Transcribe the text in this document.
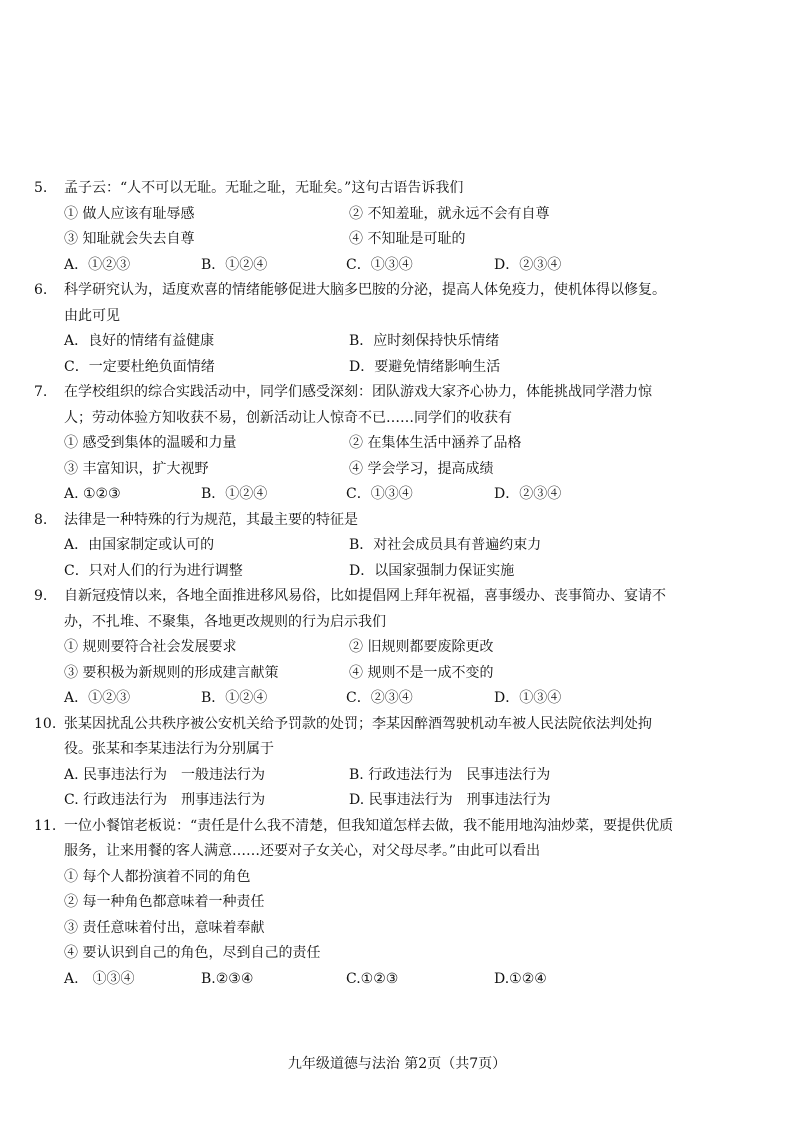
5. 孟子云：“人不可以无耻。无耻之耻，无耻矣。”这句古语告诉我们
① 做人应该有耻辱感	② 不知羞耻，就永远不会有自尊
③ 知耻就会失去自尊	④ 不知耻是可耻的
A．①②③	B．①②④	C．①③④	D．②③④
6. 科学研究认为，适度欢喜的情绪能够促进大脑多巴胺的分泌，提高人体免疫力，使机体得以修复。由此可见
A．良好的情绪有益健康	B．应时刻保持快乐情绪
C．一定要杜绝负面情绪	D．要避免情绪影响生活
7. 在学校组织的综合实践活动中，同学们感受深刻：团队游戏大家齐心协力，体能挑战同学潜力惊人；劳动体验方知收获不易，创新活动让人惊奇不已……同学们的收获有
① 感受到集体的温暖和力量	② 在集体生活中涵养了品格
③ 丰富知识，扩大视野	④ 学会学习，提高成绩
A. ①②③	B．①②④	C．①③④	D．②③④
8. 法律是一种特殊的行为规范，其最主要的特征是
A．由国家制定或认可的	B．对社会成员具有普遍约束力
C．只对人们的行为进行调整	D．以国家强制力保证实施
9. 自新冠疫情以来，各地全面推进移风易俗，比如提倡网上拜年祝福，喜事缓办、丧事简办、宴请不办，不扎堆、不聚集，各地更改规则的行为启示我们
① 规则要符合社会发展要求	② 旧规则都要废除更改
③ 要积极为新规则的形成建言献策	④ 规则不是一成不变的
A．①②③	B．①②④	C．②③④	D．①③④
10. 张某因扰乱公共秩序被公安机关给予罚款的处罚；李某因醉酒驾驶机动车被人民法院依法判处拘役。张某和李某违法行为分别属于
A. 民事违法行为　一般违法行为	B. 行政违法行为　民事违法行为
C. 行政违法行为　刑事违法行为	D. 民事违法行为　刑事违法行为
11. 一位小餐馆老板说：“责任是什么我不清楚，但我知道怎样去做，我不能用地沟油炒菜，要提供优质服务，让来用餐的客人满意……还要对子女关心，对父母尽孝。”由此可以看出
① 每个人都扮演着不同的角色
② 每一种角色都意味着一种责任
③ 责任意味着付出，意味着奉献
④ 要认识到自己的角色，尽到自己的责任
A.　①③④	B.②③④	C.①②③	D.①②④
九年级道德与法治 第2页（共7页）
